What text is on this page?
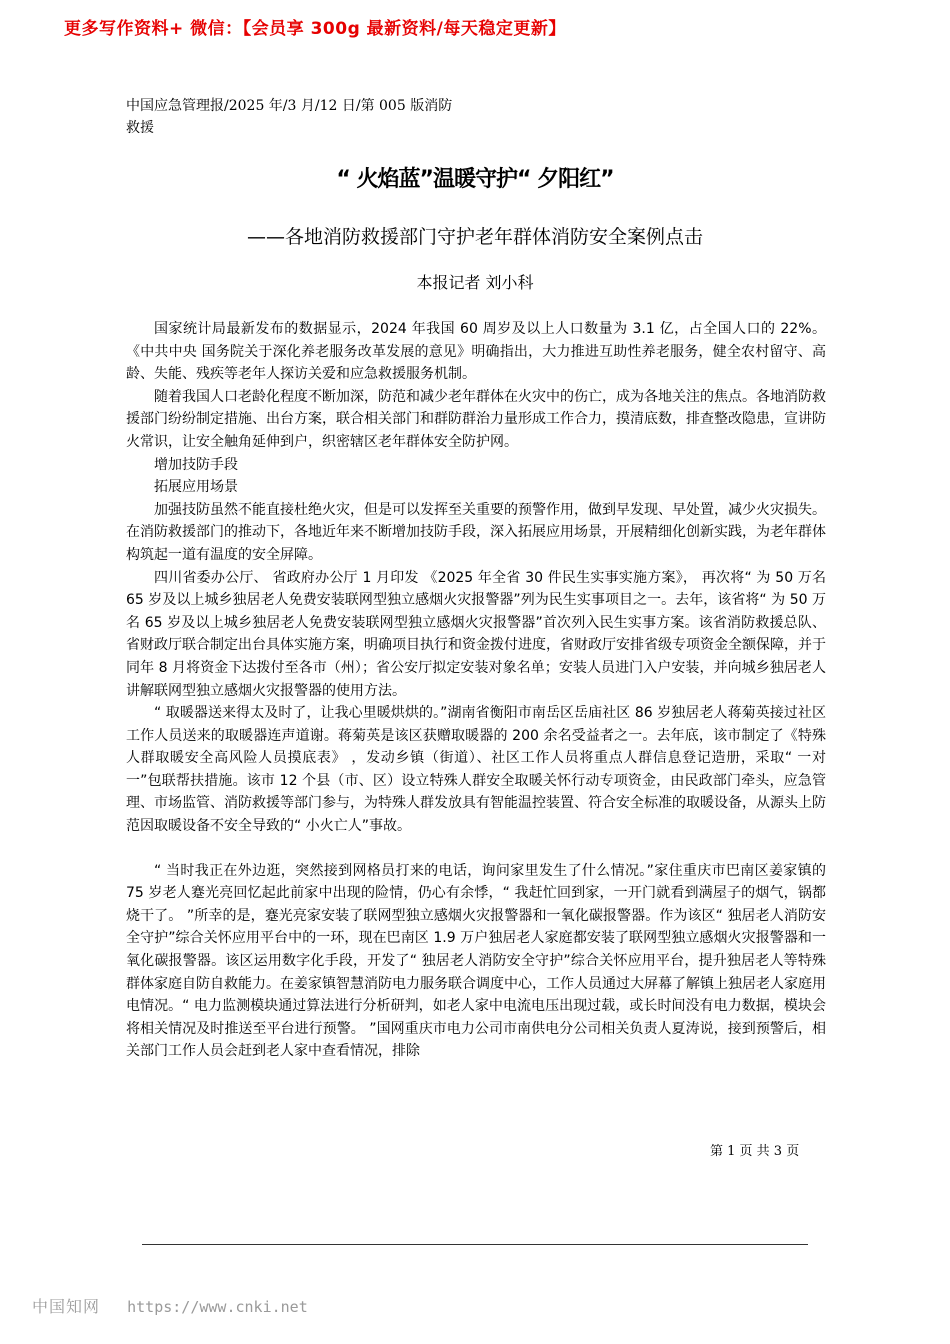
更多写作资料+ 微信：【会员享 300g 最新资料/每天稳定更新】
中国应急管理报/2025 年/3 月/12 日/第 005 版消防救援
“ 火焰蓝”温暖守护“ 夕阳红”
——各地消防救援部门守护老年群体消防安全案例点击
本报记者 刘小科

国家统计局最新发布的数据显示，2024 年我国 60 周岁及以上人口数量为 3.1 亿，占全国人口的 22%。《中共中央 国务院关于深化养老服务改革发展的意见》明确指出，大力推进互助性养老服务，健全农村留守、高龄、失能、残疾等老年人探访关爱和应急救援服务机制。

随着我国人口老龄化程度不断加深，防范和减少老年群体在火灾中的伤亡，成为各地关注的焦点。各地消防救援部门纷纷制定措施、出台方案，联合相关部门和群防群治力量形成工作合力，摸清底数，排查整改隐患，宣讲防火常识，让安全触角延伸到户，织密辖区老年群体安全防护网。

增加技防手段

拓展应用场景

加强技防虽然不能直接杜绝火灾，但是可以发挥至关重要的预警作用，做到早发现、早处置，减少火灾损失。在消防救援部门的推动下，各地近年来不断增加技防手段，深入拓展应用场景，开展精细化创新实践，为老年群体构筑起一道有温度的安全屏障。

四川省委办公厅、 省政府办公厅 1 月印发 《2025 年全省 30 件民生实事实施方案》， 再次将“ 为 50 万名 65 岁及以上城乡独居老人免费安装联网型独立感烟火灾报警器”列为民生实事项目之一。去年，该省将“ 为 50 万名 65 岁及以上城乡独居老人免费安装联网型独立感烟火灾报警器”首次列入民生实事方案。该省消防救援总队、省财政厅联合制定出台具体实施方案，明确项目执行和资金拨付进度，省财政厅安排省级专项资金全额保障，并于同年 8 月将资金下达拨付至各市（州）；省公安厅拟定安装对象名单；安装人员进门入户安装，并向城乡独居老人讲解联网型独立感烟火灾报警器的使用方法。

“ 取暖器送来得太及时了，让我心里暖烘烘的。”湖南省衡阳市南岳区岳庙社区 86 岁独居老人蒋菊英接过社区工作人员送来的取暖器连声道谢。蒋菊英是该区获赠取暖器的 200 余名受益者之一。去年底，该市制定了《特殊人群取暖安全高风险人员摸底表》 ，发动乡镇（街道）、社区工作人员将重点人群信息登记造册，采取“ 一对一”包联帮扶措施。该市 12 个县（市、区）设立特殊人群安全取暖关怀行动专项资金，由民政部门牵头，应急管理、市场监管、消防救援等部门参与，为特殊人群发放具有智能温控装置、符合安全标准的取暖设备，从源头上防范因取暖设备不安全导致的“ 小火亡人”事故。

“ 当时我正在外边逛，突然接到网格员打来的电话，询问家里发生了什么情况。”家住重庆市巴南区姜家镇的 75 岁老人蹇光亮回忆起此前家中出现的险情，仍心有余悸，“ 我赶忙回到家，一开门就看到满屋子的烟气，锅都烧干了。 ”所幸的是，蹇光亮家安装了联网型独立感烟火灾报警器和一氧化碳报警器。作为该区“ 独居老人消防安全守护”综合关怀应用平台中的一环，现在巴南区 1.9 万户独居老人家庭都安装了联网型独立感烟火灾报警器和一氧化碳报警器。该区运用数字化手段，开发了“ 独居老人消防安全守护”综合关怀应用平台，提升独居老人等特殊群体家庭自防自救能力。在姜家镇智慧消防电力服务联合调度中心，工作人员通过大屏幕了解镇上独居老人家庭用电情况。“ 电力监测模块通过算法进行分析研判，如老人家中电流电压出现过载，或长时间没有电力数据，模块会将相关情况及时推送至平台进行预警。 ”国网重庆市电力公司市南供电分公司相关负责人夏涛说，接到预警后，相关部门工作人员会赶到老人家中查看情况，排除

第 1 页 共 3 页
中国知网 https://www.cnki.net
